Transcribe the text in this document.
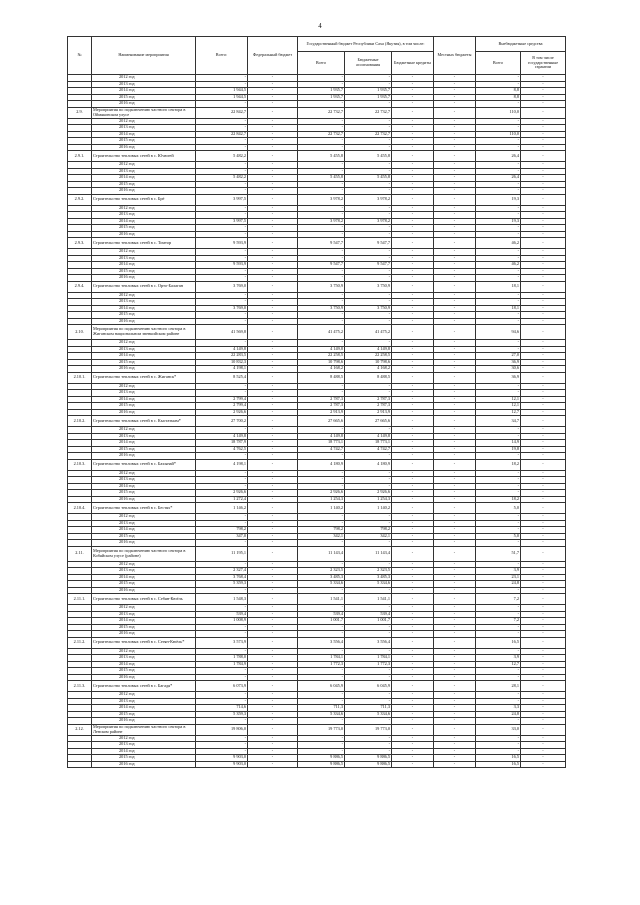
4
№	Наименование мероприятия	Всего:	Федеральный бюджет	Государственный бюджет Республики Саха (Якутия), в том числе:			Местных бюджеты	Внебюджетные средства	
				Всего	Бюджетные ассигнования	Бюджетные кредиты		Всего	В том числе государственные гарантии
	2012 год	-	-	-	-	-	-	-	-
	2013 год	-	-	-	-	-	-	-	-
	2014 год	1 944,5	-	1 935,7	1 935,7	-	-	8,8	-
	2015 год	1 944,5	-	1 935,7	1 935,7	-	-	8,8	-
	2016 год	-	-	-	-	-	-	-	-
2.9.	Мероприятия по подключению частного сектора в Оймяконском улусе	22 842,7	-	22 732,7	22 732,7	-	-	110,0	-
	2012 год	-	-	-	-	-	-	-	-
	2013 год	-	-	-	-	-	-	-	-
	2014 год	22 842,7	-	22 732,7	22 732,7	-	-	110,0	-
	2015 год	-	-	-	-	-	-	-	-
	2016 год	-	-	-	-	-	-	-	-
2.9.1.	Строительство тепловых сетей в с. Ючюгей	5 482,2	-	5 455,8	5 455,8	-	-	26,4	-
	2012 год	-	-	-	-	-	-	-	-
	2013 год	-	-	-	-	-	-	-	-
	2014 год	5 482,2	-	5 455,8	5 455,8	-	-	26,4	-
	2015 год	-	-	-	-	-	-	-	-
	2016 год	-	-	-	-	-	-	-	-
2.9.2.	Строительство тепловых сетей в с. Брё	3 997,5	-	3 978,2	3 978,2	-	-	19,3	-
	2012 год	-	-	-	-	-	-	-	-
	2013 год	-	-	-	-	-	-	-	-
	2014 год	3 997,5	-	3 978,2	3 978,2	-	-	19,3	-
	2015 год	-	-	-	-	-	-	-	-
	2016 год	-	-	-	-	-	-	-	-
2.9.3.	Строительство тепловых сетей в с. Томтор	9 593,9	-	9 547,7	9 547,7	-	-	46,2	-
	2012 год	-	-	-	-	-	-	-	-
	2013 год	-	-	-	-	-	-	-	-
	2014 год	9 593,9	-	9 547,7	9 547,7	-	-	46,2	-
	2015 год	-	-	-	-	-	-	-	-
	2016 год	-	-	-	-	-	-	-	-
2.9.4.	Строительство тепловых сетей в с. Орто-Балаган	3 769,0	-	3 750,9	3 750,9	-	-	18,1	-
	2012 год	-	-	-	-	-	-	-	-
	2013 год	-	-	-	-	-	-	-	-
	2014 год	3 769,0	-	3 750,9	3 750,9	-	-	18,1	-
	2015 год	-	-	-	-	-	-	-	-
	2016 год	-	-	-	-	-	-	-	-
2.10.	Мероприятия по подключению частного сектора в Жиганском национальном эвенкийском районе	41 569,8	-	41 475,2	41 475,2	-	-	94,6	-
	2012 год	-	-	-	-	-	-	-	-
	2013 год	4 149,8	-	4 149,8	4 149,8	-	-	-	-
	2014 год	22 283,5	-	22 258,5	22 258,5	-	-	27,0	-
	2015 год	10 832,3	-	10 798,6	10 798,6	-	-	36,9	-
	2016 год	4 198,1	-	4 168,2	4 168,2	-	-	30,6	-
2.10.1.	Строительство тепловых сетей в с. Жиганск*	8 525,4	-	8 488,5	8 488,5	-	-	36,9	-
	2012 год	-	-	-	-	-	-	-	-
	2013 год	-	-	-	-	-	-	-	-
	2014 год	2 799,4	-	2 787,3	2 787,3	-	-	12,1	-
	2015 год	2 799,4	-	2 787,3	2 787,3	-	-	12,1	-
	2016 год	2 926,6	-	2 913,9	2 913,9	-	-	12,7	-
2.10.2.	Строительство тепловых сетей в с. Кыстатыам*	27 700,2	-	27 665,6	27 665,6	-	-	34,7	-
	2012 год	-	-	-	-	-	-	-	-
	2013 год	4 149,8	-	4 149,8	4 149,8	-	-	-	-
	2014 год	18 787,9	-	18 773,1	18 773,1	-	-	14,9	-
	2015 год	4 762,5	-	4 742,7	4 742,7	-	-	19,8	-
	2016 год	-	-	-	-	-	-	-	-
2.10.3.	Строительство тепловых сетей в с. Бахынай*	4 198,1	-	4 180,9	4 180,9	-	-	18,2	-
	2012 год	-	-	-	-	-	-	-	-
	2013 год	-	-	-	-	-	-	-	-
	2014 год	-	-	-	-	-	-	-	-
	2015 год	2 926,6	-	2 926,6	2 926,6	-	-	-	-
	2016 год	1 272,4	-	1 254,3	1 254,3	-	-	18,2	-
2.10.4.	Строительство тепловых сетей в с. Бестях*	1 146,2	-	1 140,2	1 140,2	-	-	5,0	-
	2012 год	-	-	-	-	-	-	-	-
	2013 год	-	-	-	-	-	-	-	-
	2014 год	798,2	-	798,2	798,2	-	-	-	-
	2015 год	347,0	-	342,1	342,1	-	-	5,0	-
	2016 год	-	-	-	-	-	-	-	-
2.11.	Мероприятия по подключению частного сектора в Кобяйском улусе (районе)	11 195,1	-	11 143,4	11 143,4	-	-	51,7	-
	2012 год	-	-	-	-	-	-	-	-
	2013 год	2 327,4	-	2 323,5	2 323,5	-	-	3,9	-
	2014 год	3 768,4	-	3 485,3	3 485,3	-	-	23,1	-
	2015 год	5 359,3	-	5 334,6	5 334,6	-	-	24,8	-
	2016 год	-	-	-	-	-	-	-	-
2.11.1.	Строительство тепловых сетей в с. Себян-Кюёль	1 548,3	-	1 541,1	1 541,1	-	-	7,2	-
	2012 год	-	-	-	-	-	-	-	-
	2013 год	539,4	-	539,4	539,4	-	-	-	-
	2014 год	1 008,9	-	1 001,7	1 001,7	-	-	7,2	-
	2015 год	-	-	-	-	-	-	-	-
	2016 год	-	-	-	-	-	-	-	-
2.11.2.	Строительство тепловых сетей в с. Сегян-Кюёль*	3 573,9	-	3 556,4	3 556,4	-	-	16,5	-
	2012 год	-	-	-	-	-	-	-	-
	2013 год	1 788,0	-	1 784,1	1 784,1	-	-	3,9	-
	2014 год	1 784,9	-	1 772,3	1 772,3	-	-	12,7	-
	2015 год	-	-	-	-	-	-	-	-
	2016 год	-	-	-	-	-	-	-	-
2.11.3.	Строительство тепловых сетей в с. Багадя*	6 073,9	-	6 045,9	6 045,9	-	-	28,1	-
	2012 год	-	-	-	-	-	-	-	-
	2013 год	-	-	-	-	-	-	-	-
	2014 год	714,6	-	711,3	711,3	-	-	3,3	-
	2015 год	5 359,3	-	5 334,6	5 334,6	-	-	24,8	-
	2016 год	-	-	-	-	-	-	-	-
2.12.	Мероприятия по подключению частного сектора в Ленском районе	19 806,0	-	19 773,0	19 773,0	-	-	33,0	-
	2012 год	-	-	-	-	-	-	-	-
	2013 год	-	-	-	-	-	-	-	-
	2014 год	-	-	-	-	-	-	-	-
	2015 год	9 903,0	-	9 886,5	9 886,5	-	-	16,5	-
	2016 год	9 903,0	-	9 886,5	9 886,5	-	-	16,5	-
